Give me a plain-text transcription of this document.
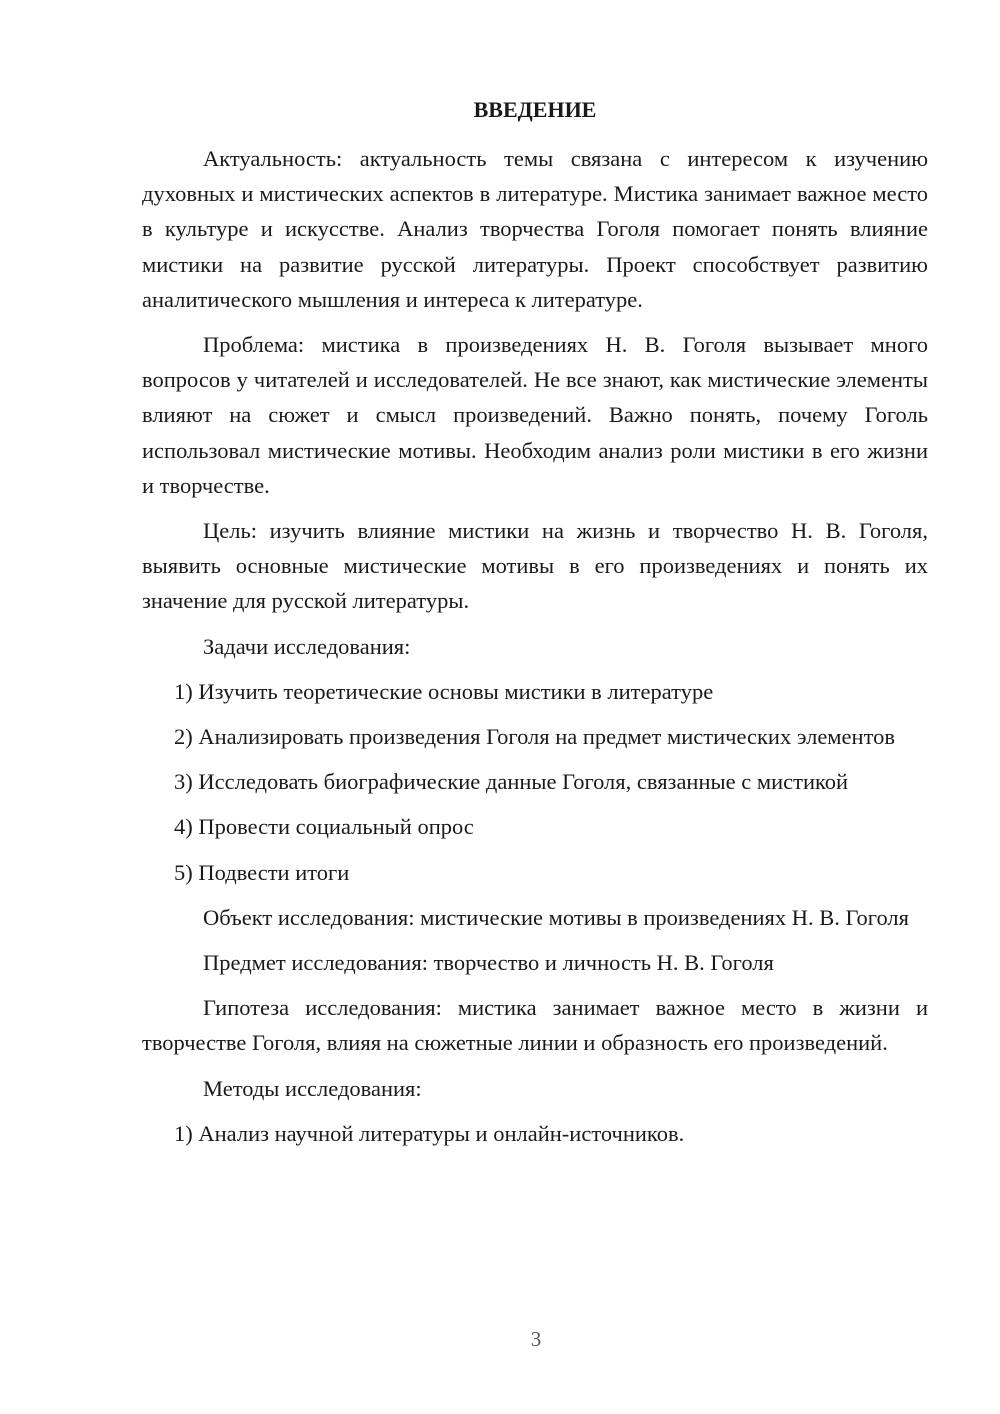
ВВЕДЕНИЕ

Актуальность: актуальность темы связана с интересом к изучению духовных и мистических аспектов в литературе. Мистика занимает важное место в культуре и искусстве. Анализ творчества Гоголя помогает понять влияние мистики на развитие русской литературы. Проект способствует развитию аналитического мышления и интереса к литературе.

Проблема: мистика в произведениях Н. В. Гоголя вызывает много вопросов у читателей и исследователей. Не все знают, как мистические элементы влияют на сюжет и смысл произведений. Важно понять, почему Гоголь использовал мистические мотивы. Необходим анализ роли мистики в его жизни и творчестве.

Цель: изучить влияние мистики на жизнь и творчество Н. В. Гоголя, выявить основные мистические мотивы в его произведениях и понять их значение для русской литературы.

Задачи исследования:

1) Изучить теоретические основы мистики в литературе

2) Анализировать произведения Гоголя на предмет мистических элементов

3) Исследовать биографические данные Гоголя, связанные с мистикой

4) Провести социальный опрос

5) Подвести итоги

Объект исследования: мистические мотивы в произведениях Н. В. Гоголя

Предмет исследования: творчество и личность Н. В. Гоголя

Гипотеза исследования: мистика занимает важное место в жизни и творчестве Гоголя, влияя на сюжетные линии и образность его произведений.

Методы исследования:

1) Анализ научной литературы и онлайн-источников.

3
